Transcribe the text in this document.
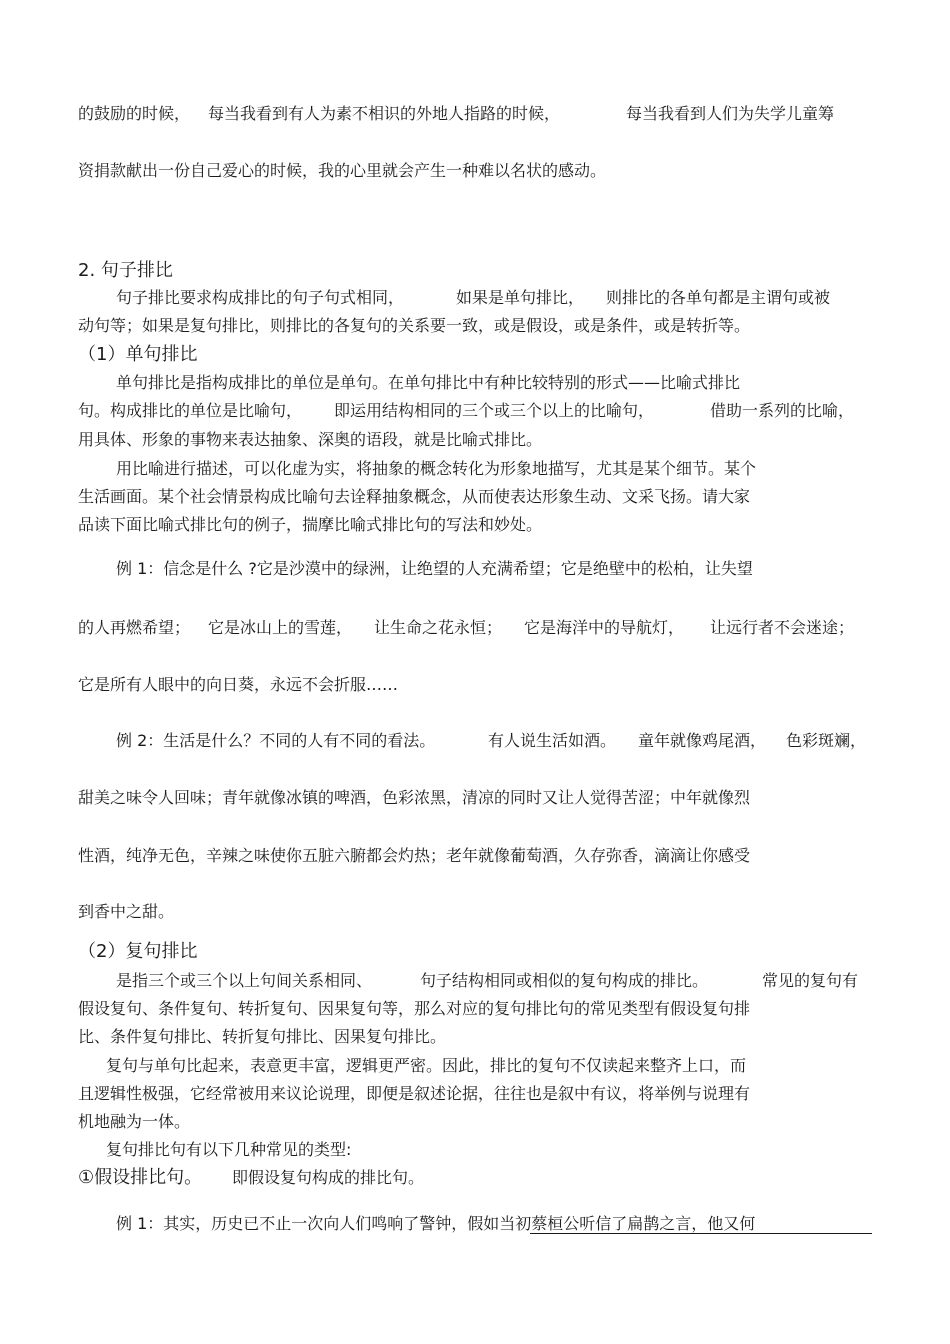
的鼓励的时候， 每当我看到有人为素不相识的外地人指路的时候，	每当我看到人们为失学儿童筹
资捐款献出一份自己爱心的时候，我的心里就会产生一种难以名状的感动。
2. 句子排比
句子排比要求构成排比的句子句式相同，	如果是单句排比， 则排比的各单句都是主谓句或被
动句等；如果是复句排比，则排比的各复句的关系要一致，或是假设，或是条件，或是转折等。
（1）单句排比
单句排比是指构成排比的单位是单句。在单句排比中有种比较特别的形式——比喻式排比
句。构成排比的单位是比喻句， 即运用结构相同的三个或三个以上的比喻句，	借助一系列的比喻，
用具体、形象的事物来表达抽象、深奥的语段，就是比喻式排比。
用比喻进行描述，可以化虚为实，将抽象的概念转化为形象地描写，尤其是某个细节。某个
生活画面。某个社会情景构成比喻句去诠释抽象概念，从而使表达形象生动、文采飞扬。请大家
品读下面比喻式排比句的例子，揣摩比喻式排比句的写法和妙处。
例 1：信念是什么 ?它是沙漠中的绿洲，让绝望的人充满希望；它是绝壁中的松柏，让失望
的人再燃希望； 它是冰山上的雪莲， 让生命之花永恒； 它是海洋中的导航灯， 让远行者不会迷途；
它是所有人眼中的向日葵，永远不会折服……
例 2：生活是什么？不同的人有不同的看法。	有人说生活如酒。 童年就像鸡尾酒， 色彩斑斓，
甜美之味令人回味；青年就像冰镇的啤酒，色彩浓黑，清凉的同时又让人觉得苦涩；中年就像烈
性酒，纯净无色，辛辣之味使你五脏六腑都会灼热；老年就像葡萄酒，久存弥香，滴滴让你感受
到香中之甜。
（2）复句排比
是指三个或三个以上句间关系相同、	句子结构相同或相似的复句构成的排比。	常见的复句有
假设复句、条件复句、转折复句、因果复句等，那么对应的复句排比句的常见类型有假设复句排
比、条件复句排比、转折复句排比、因果复句排比。
复句与单句比起来，表意更丰富，逻辑更严密。因此，排比的复句不仅读起来整齐上口，而
且逻辑性极强，它经常被用来议论说理，即便是叙述论据，往往也是叙中有议，将举例与说理有
机地融为一体。
复句排比句有以下几种常见的类型:
①假设排比句。 即假设复句构成的排比句。
例 1：其实，历史已不止一次向人们鸣响了警钟，假如当初蔡桓公听信了扁鹊之言，他又何
